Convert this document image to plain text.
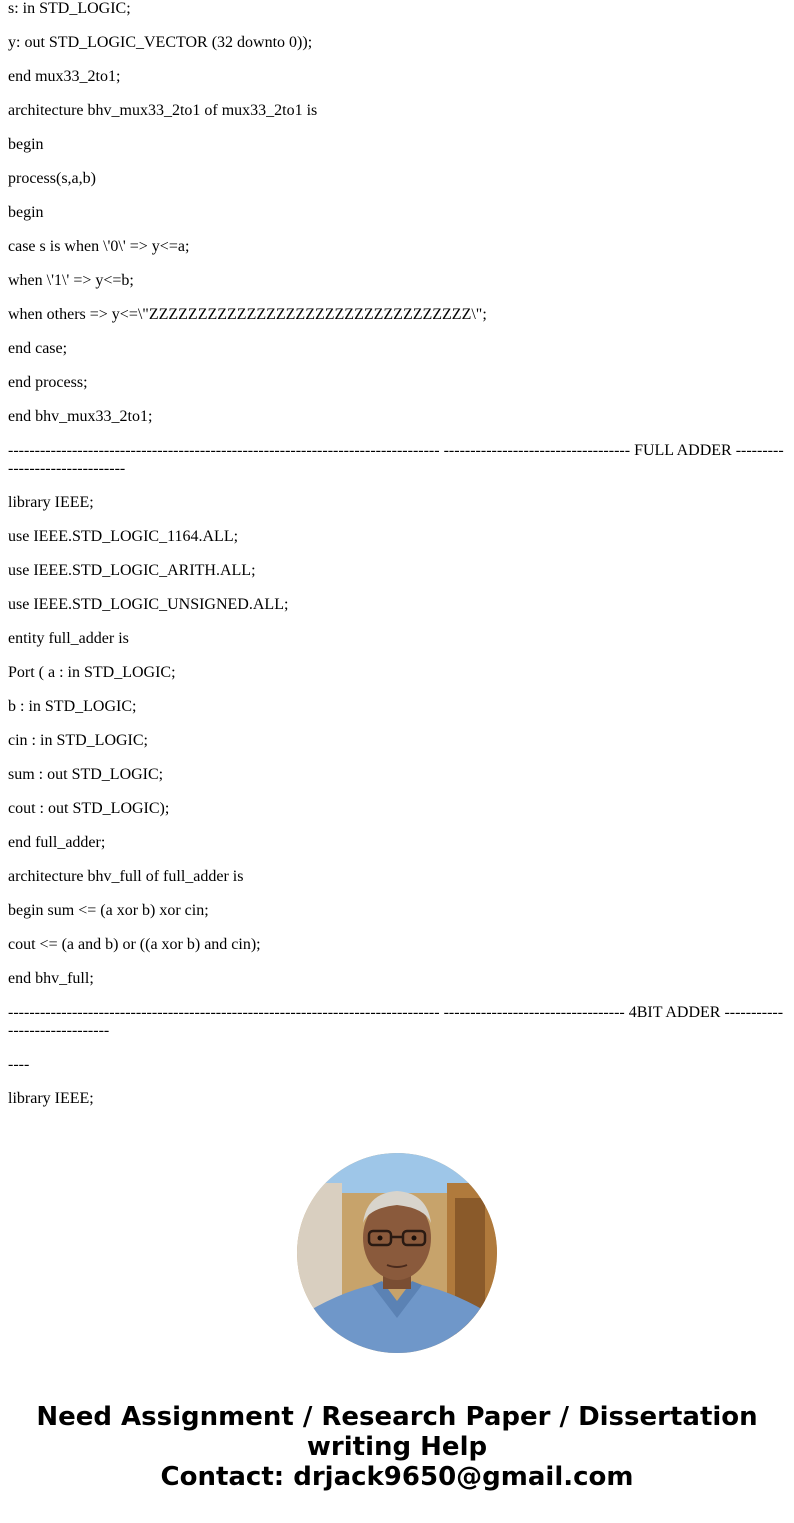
s: in STD_LOGIC;

y: out STD_LOGIC_VECTOR (32 downto 0));

end mux33_2to1;

architecture bhv_mux33_2to1 of mux33_2to1 is

begin

process(s,a,b)

begin

case s is when \'0\' => y<=a;

when \'1\' => y<=b;

when others => y<=\"ZZZZZZZZZZZZZZZZZZZZZZZZZZZZZZZZZ\";

end case;

end process;

end bhv_mux33_2to1;

--------------------------------------------------------------------------------- ----------------------------------- FULL ADDER -------------------------------

library IEEE;

use IEEE.STD_LOGIC_1164.ALL;

use IEEE.STD_LOGIC_ARITH.ALL;

use IEEE.STD_LOGIC_UNSIGNED.ALL;

entity full_adder is

Port ( a : in STD_LOGIC;

b : in STD_LOGIC;

cin : in STD_LOGIC;

sum : out STD_LOGIC;

cout : out STD_LOGIC);

end full_adder;

architecture bhv_full of full_adder is

begin sum <= (a xor b) xor cin;

cout <= (a and b) or ((a xor b) and cin);

end bhv_full;

--------------------------------------------------------------------------------- ---------------------------------- 4BIT ADDER ------------------------------

----

library IEEE;

Need Assignment / Research Paper / Dissertation
writing Help
Contact: drjack9650@gmail.com
